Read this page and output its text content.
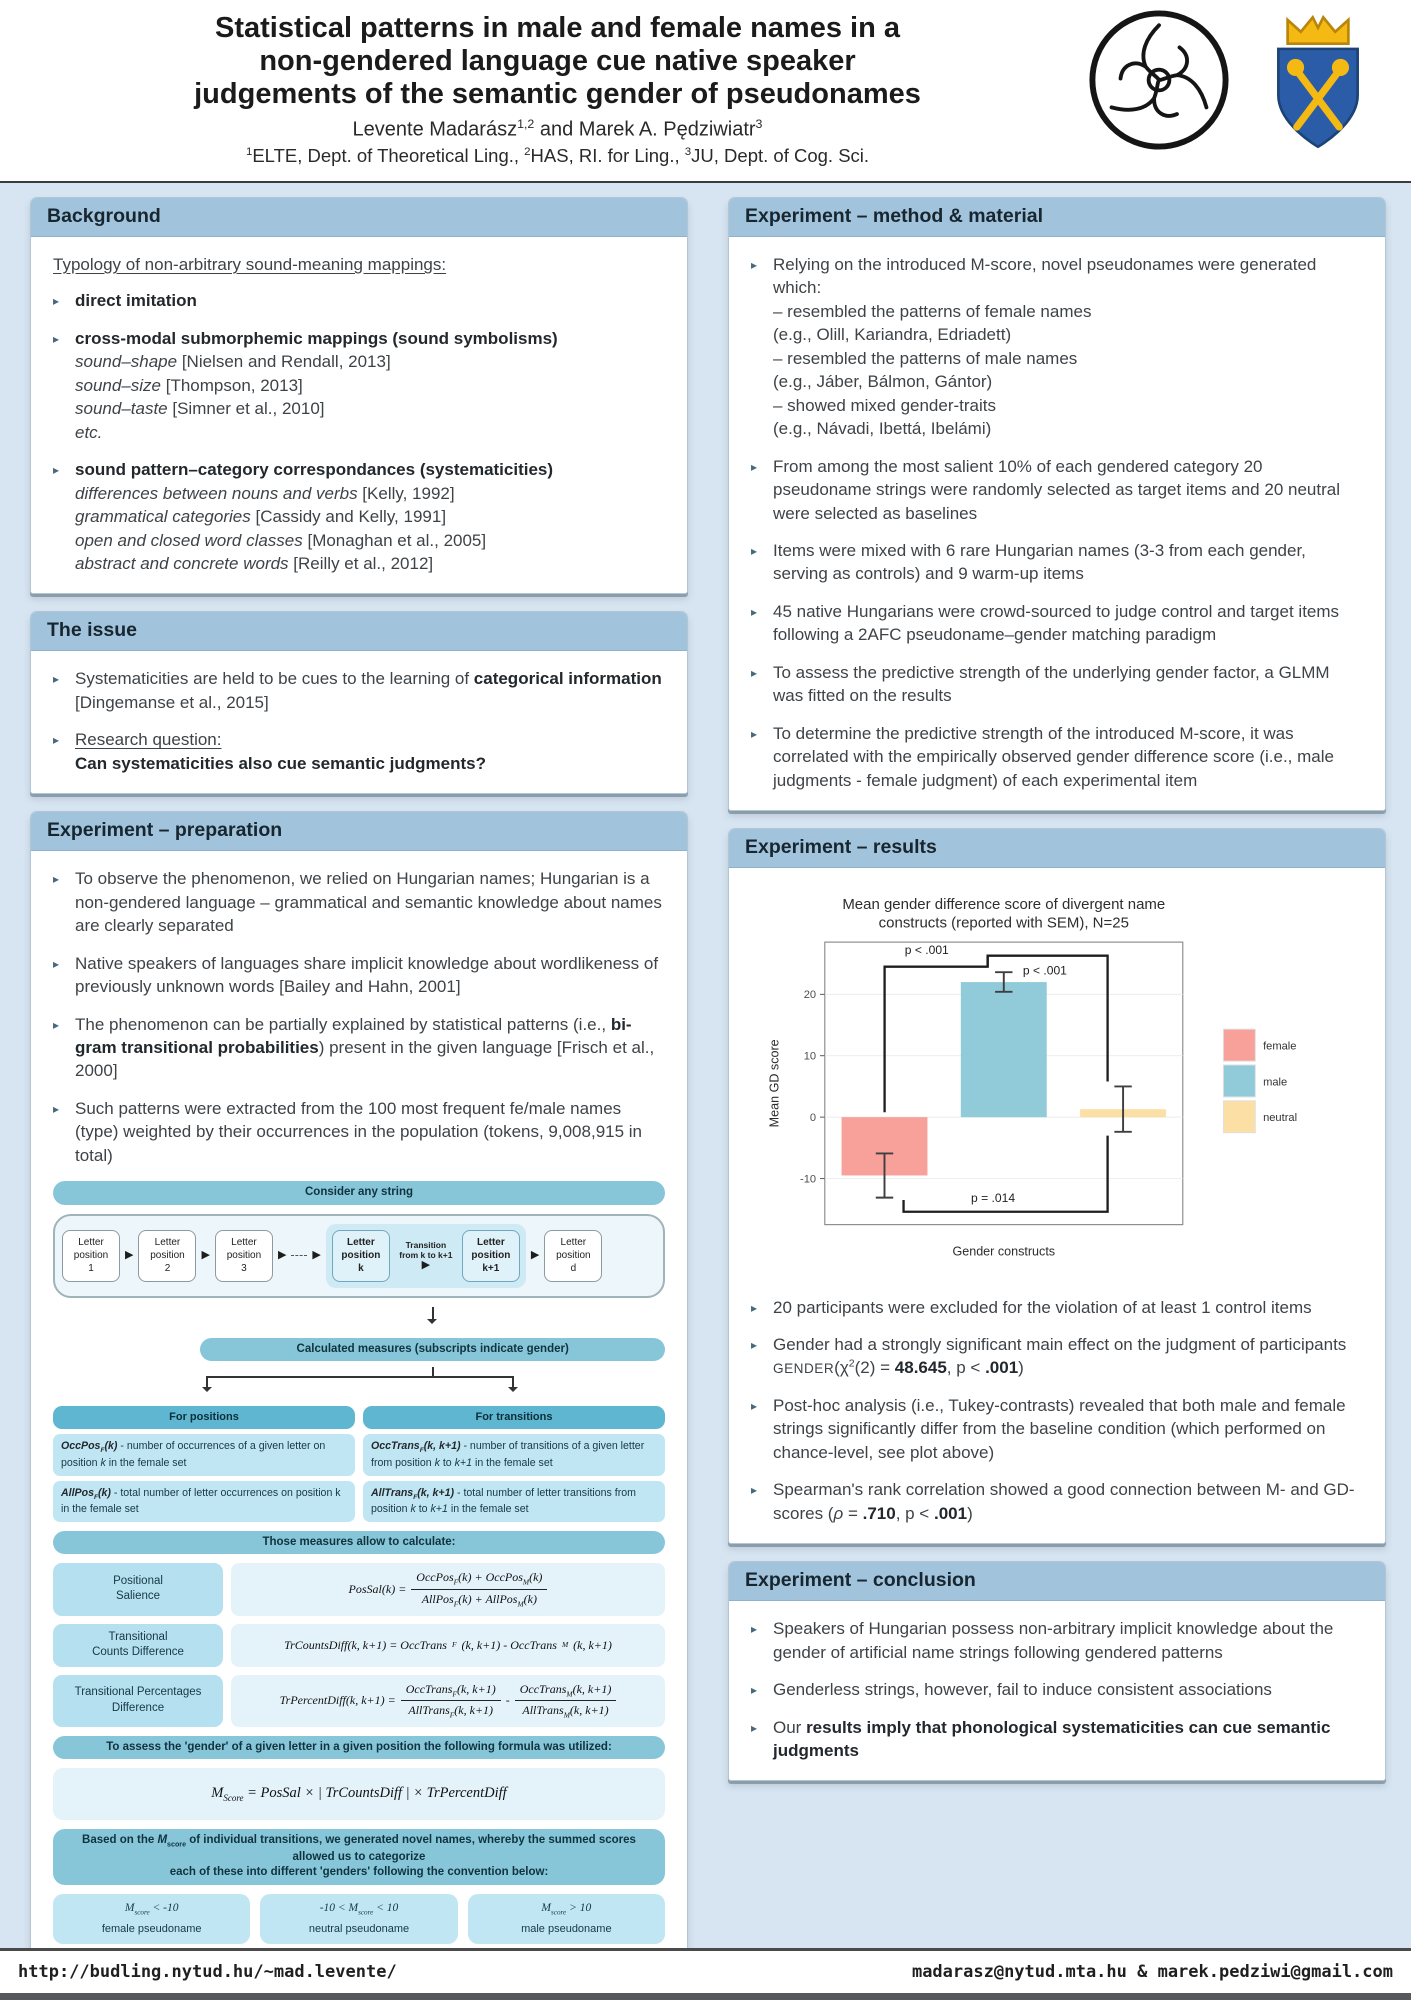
Statistical patterns in male and female names in a
non-gendered language cue native speaker
judgements of the semantic gender of pseudonames
Levente Madarász$^{1,2}$ and Marek A. Pędziwiatr$^3$
$^1$ELTE, Dept. of Theoretical Ling., $^2$HAS, RI. for Ling., $^3$JU, Dept. of Cog. Sci.
Background
Typology of non-arbitrary sound-meaning mappings:
▸ direct imitation
▸ cross-modal submorphemic mappings (sound symbolisms)
sound–shape [Nielsen and Rendall, 2013]
sound–size [Thompson, 2013]
sound–taste [Simner et al., 2010]
etc.
▸ sound pattern–category correspondances (systematicities)
differences between nouns and verbs [Kelly, 1992]
grammatical categories [Cassidy and Kelly, 1991]
open and closed word classes [Monaghan et al., 2005]
abstract and concrete words [Reilly et al., 2012]
The issue
▸ Systematicities are held to be cues to the learning of categorical information [Dingemanse et al., 2015]
▸ Research question:
Can systematicities also cue semantic judgments?
Experiment – preparation
▸ To observe the phenomenon, we relied on Hungarian names; Hungarian is a non-gendered language – grammatical and semantic knowledge about names are clearly separated
▸ Native speakers of languages share implicit knowledge about wordlikeness of previously unknown words [Bailey and Hahn, 2001]
▸ The phenomenon can be partially explained by statistical patterns (i.e., bi-gram transitional probabilities) present in the given language [Frisch et al., 2000]
▸ Such patterns were extracted from the 100 most frequent fe/male names (type) weighted by their occurrences in the population (tokens, 9,008,915 in total)
Consider any string
Letter
position
1
▶
Letter
position
2
▶
Letter
position
3
▶ ▶
Letter
position
k
Transition
from k to k+1
▶
Letter
position
k+1
▶
Letter
position
d
Calculated measures (subscripts indicate gender)
For positions
OccPos$_F$(k) - number of occurrences of a given letter on position k in the female set
AllPos$_F$(k) - total number of letter occurrences on position k in the female set
For transitions
OccTrans$_F$(k, k+1) - number of transitions of a given letter from position k to k+1 in the female set
AllTrans$_F$(k, k+1) - total number of letter transitions from position k to k+1 in the female set
Those measures allow to calculate:
Positional
Salience
PosSal(k) = $\frac{OccPos_F(k) + OccPos_M(k)}{AllPos_F(k) + AllPos_M(k)}$
Transitional
Counts Difference
TrCountsDiff(k, k+1) = OccTrans F (k, k+1) - OccTrans M (k, k+1)
Transitional Percentages
Difference
TrPercentDiff(k, $k+1) = \frac{OccTrans_F(k, k+1)}{AllTrans_F(k, k+1)} - \frac{OccTrans_M(k, k+1)}{AllTrans_M(k, k+1)}$
To assess the 'gender' of a given letter in a given position the following formula was utilized:
$M_{Score}$ = PosSal × | TrCountsDiff | × TrPercentDiff
Based on the $M_{score}$ of individual transitions, we generated novel names, whereby the summed scores allowed us to categorize
each of these into different 'genders' following the convention below:
$M_{score} < -10$
female pseudoname
$-10 < M_{score} < 10$
neutral pseudoname
$M_{score} > 10$
male pseudoname
Experiment – method & material
▸ Relying on the introduced M-score, novel pseudonames were generated which:
– resembled the patterns of female names
(e.g., Olill, Kariandra, Edriadett)
– resembled the patterns of male names
(e.g., Jáber, Bálmon, Gántor)
– showed mixed gender-traits
(e.g., Návadi, Ibettá, Ibelámi)
▸ From among the most salient 10% of each gendered category 20 pseudoname strings were randomly selected as target items and 20 neutral were selected as baselines
▸ Items were mixed with 6 rare Hungarian names (3-3 from each gender, serving as controls) and 9 warm-up items
▸ 45 native Hungarians were crowd-sourced to judge control and target items following a 2AFC pseudoname–gender matching paradigm
▸ To assess the predictive strength of the underlying gender factor, a GLMM was fitted on the results
▸ To determine the predictive strength of the introduced M-score, it was correlated with the empirically observed gender difference score (i.e., male judgments - female judgment) of each experimental item
Experiment – results
Mean gender difference score of divergent name
constructs (reported with SEM), N=25
-10
0
10
20
p < .001
p < .001
p = .014
Gender constructs
Mean GD score	female
male
neutral
▸ 20 participants were excluded for the violation of at least 1 control items
▸ Gender had a strongly significant main effect on the judgment of participants $GENDER(\chi^2(2) = 48.645$, p < .001)
▸ Post-hoc analysis (i.e., Tukey-contrasts) revealed that both male and female strings significantly differ from the baseline condition (which performed on chance-level, see plot above)
▸ Spearman's rank correlation showed a good connection between M- and GD-scores (ρ = .710, p < .001)
Experiment – conclusion
▸ Speakers of Hungarian possess non-arbitrary implicit knowledge about the gender of artificial name strings following gendered patterns
▸ Genderless strings, however, fail to induce consistent associations
▸ Our results imply that phonological systematicities can cue semantic judgments
http://budling.nytud.hu/~mad.levente/	madarasz@nytud.mta.hu & marek.pedziwi@gmail.com
